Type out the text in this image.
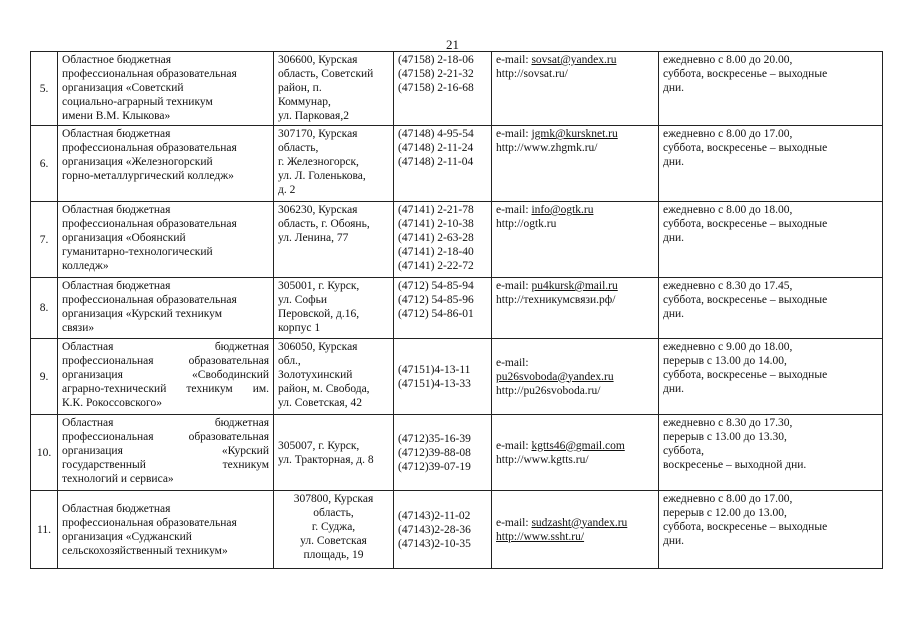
21
5.	Областное бюджетная
профессиональная образовательная
организация «Советский
социально-аграрный техникум
имени В.М. Клыкова»	306600, Курская
область, Советский
район, п.
Коммунар,
ул. Парковая,2	(47158) 2-18-06
(47158) 2-21-32
(47158) 2-16-68	e-mail: sovsat@yandex.ru
http://sovsat.ru/	ежедневно с 8.00 до 20.00,
суббота, воскресенье – выходные
дни.

6.	Областная бюджетная
профессиональная образовательная
организация «Железногорский
горно-металлургический колледж»	307170, Курская
область,
г. Железногорск,
ул. Л. Голенькова,
д. 2	(47148) 4-95-54
(47148) 2-11-24
(47148) 2-11-04	e-mail: jgmk@kursknet.ru
http://www.zhgmk.ru/	ежедневно с 8.00 до 17.00,
суббота, воскресенье – выходные
дни.

7.	Областная бюджетная
профессиональная образовательная
организация «Обоянский
гуманитарно-технологический
колледж»	306230, Курская
область, г. Обоянь,
ул. Ленина, 77	(47141) 2-21-78
(47141) 2-10-38
(47141) 2-63-28
(47141) 2-18-40
(47141) 2-22-72	e-mail: info@ogtk.ru
http://ogtk.ru	ежедневно с 8.00 до 18.00,
суббота, воскресенье – выходные
дни.

8.	Областная бюджетная
профессиональная образовательная
организация «Курский техникум
связи»	305001, г. Курск,
ул. Софьи
Перовской, д.16,
корпус 1	(4712) 54-85-94
(4712) 54-85-96
(4712) 54-86-01	e-mail: pu4kursk@mail.ru
http://техникумсвязи.рф/	ежедневно с 8.30 до 17.45,
суббота, воскресенье – выходные
дни.

9.	Областная бюджетная
профессиональная образовательная
организация «Свободинский
аграрно-технический техникум им.
К.К. Рокоссовского»	306050, Курская
обл.,
Золотухинский
район, м. Свобода,
ул. Советская, 42	(47151)4-13-11
(47151)4-13-33	e-mail:
pu26svoboda@yandex.ru
http://pu26svoboda.ru/	ежедневно с 9.00 до 18.00,
перерыв с 13.00 до 14.00,
суббота, воскресенье – выходные
дни.

10.	Областная бюджетная
профессиональная образовательная
организация «Курский
государственный техникум
технологий и сервиса»	305007, г. Курск,
ул. Тракторная, д. 8	(4712)35-16-39
(4712)39-88-08
(4712)39-07-19	e-mail: kgtts46@gmail.com
http://www.kgtts.ru/	ежедневно с 8.30 до 17.30,
перерыв с 13.00 до 13.30,
суббота,
воскресенье – выходной дни.

11.	Областная бюджетная
профессиональная образовательная
организация «Суджанский
сельскохозяйственный техникум»	307800, Курская
область,
г. Суджа,
ул. Советская
площадь, 19	(47143)2-11-02
(47143)2-28-36
(47143)2-10-35	e-mail: sudzasht@yandex.ru
http://www.ssht.ru/	ежедневно с 8.00 до 17.00,
перерыв с 12.00 до 13.00,
суббота, воскресенье – выходные
дни.
